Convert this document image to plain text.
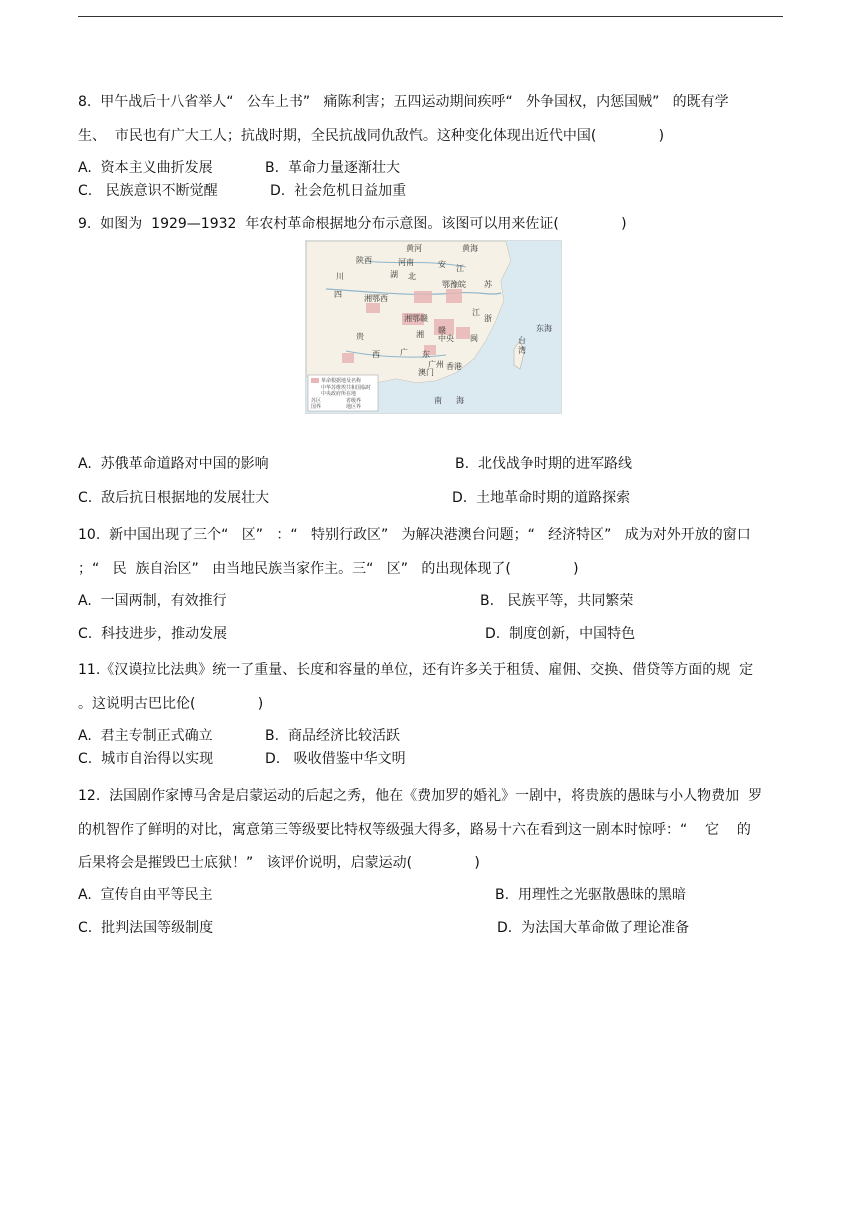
8.  甲午战后十八省举人“   公车上书”   痛陈利害；五四运动期间疾呼“   外争国权，内惩国贼”   的既有学
生、  市民也有广大工人；抗战时期，全民抗战同仇敌忾。这种变化体现出近代中国(              )
A.  资本主义曲折发展	B.  革命力量逐渐壮大
C.   民族意识不断觉醒	D.  社会危机日益加重
9.  如图为  1929—1932  年农村革命根据地分布示意图。该图可以用来佐证(              )
黄河	黄海
陕西	河南	安
川	湖 北
江
苏
四	湘鄂西
鄂豫皖
湘鄂赣
湘 赣
中央
江
浙
闽
贵
广
西	东
广州 香港
澳门
台
湾
东海
海
南
革命根据地及名称
中华苏维埃共和国临时
中央政府所在地
苏区
国界
省级界
地区界
A.  苏俄革命道路对中国的影响	B.  北伐战争时期的进军路线
C.  敌后抗日根据地的发展壮大	D.  土地革命时期的道路探索
10.  新中国出现了三个“   区”   ：“   特别行政区”   为解决港澳台问题；“   经济特区”   成为对外开放的窗口
；“   民  族自治区”   由当地民族当家作主。三“   区”   的出现体现了(              )
A.  一国两制，有效推行	B.   民族平等，共同繁荣
C.  科技进步，推动发展	D.  制度创新，中国特色
11.《汉谟拉比法典》统一了重量、长度和容量的单位，还有许多关于租赁、雇佣、交换、借贷等方面的规  定
。这说明古巴比伦(              )
A.  君主专制正式确立	B.  商品经济比较活跃
C.  城市自治得以实现	D.   吸收借鉴中华文明
12.  法国剧作家博马舍是启蒙运动的后起之秀，他在《费加罗的婚礼》一剧中，将贵族的愚昧与小人物费加  罗
的机智作了鲜明的对比，寓意第三等级要比特权等级强大得多，路易十六在看到这一剧本时惊呼：“    它    的
后果将会是摧毁巴士底狱！”   该评价说明，启蒙运动(              )
A.  宣传自由平等民主	B.  用理性之光驱散愚昧的黑暗
C.  批判法国等级制度	D.  为法国大革命做了理论准备
